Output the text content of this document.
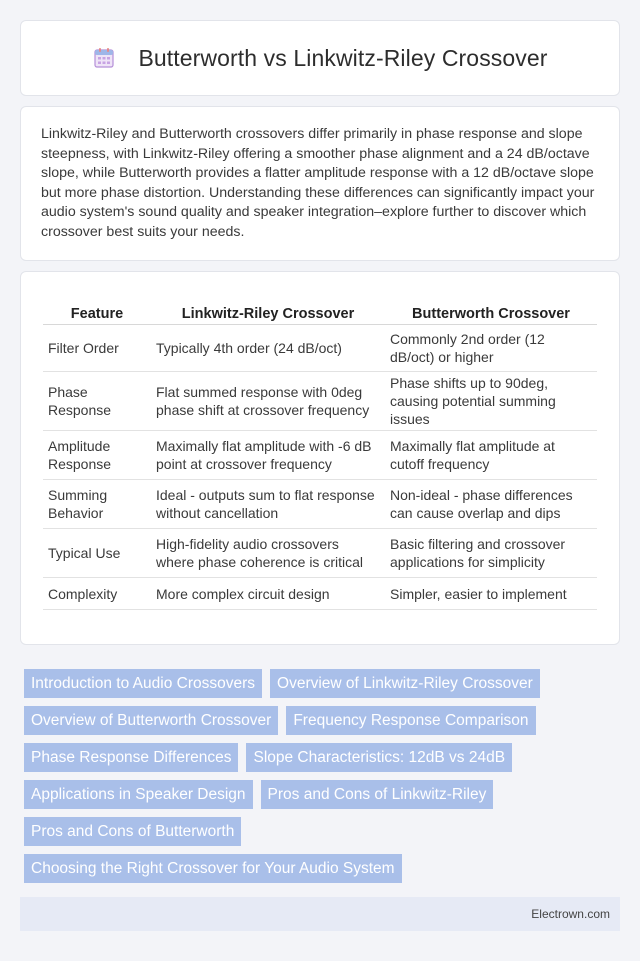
Butterworth vs Linkwitz-Riley Crossover

Linkwitz-Riley and Butterworth crossovers differ primarily in phase response and slope steepness, with Linkwitz-Riley offering a smoother phase alignment and a 24 dB/octave slope, while Butterworth provides a flatter amplitude response with a 12 dB/octave slope but more phase distortion. Understanding these differences can significantly impact your audio system's sound quality and speaker integration–explore further to discover which crossover best suits your needs.

Feature	Linkwitz-Riley Crossover	Butterworth Crossover
Filter Order	Typically 4th order (24 dB/oct)	Commonly 2nd order (12 dB/oct) or higher
Phase Response	Flat summed response with 0deg phase shift at crossover frequency	Phase shifts up to 90deg, causing potential summing issues
Amplitude Response	Maximally flat amplitude with -6 dB point at crossover frequency	Maximally flat amplitude at cutoff frequency
Summing Behavior	Ideal - outputs sum to flat response without cancellation	Non-ideal - phase differences can cause overlap and dips
Typical Use	High-fidelity audio crossovers where phase coherence is critical	Basic filtering and crossover applications for simplicity
Complexity	More complex circuit design	Simpler, easier to implement
Introduction to Audio Crossovers	Overview of Linkwitz-Riley Crossover
Overview of Butterworth Crossover	Frequency Response Comparison
Phase Response Differences	Slope Characteristics: 12dB vs 24dB
Applications in Speaker Design	Pros and Cons of Linkwitz-Riley
Pros and Cons of Butterworth
Choosing the Right Crossover for Your Audio System
Electrown.com
